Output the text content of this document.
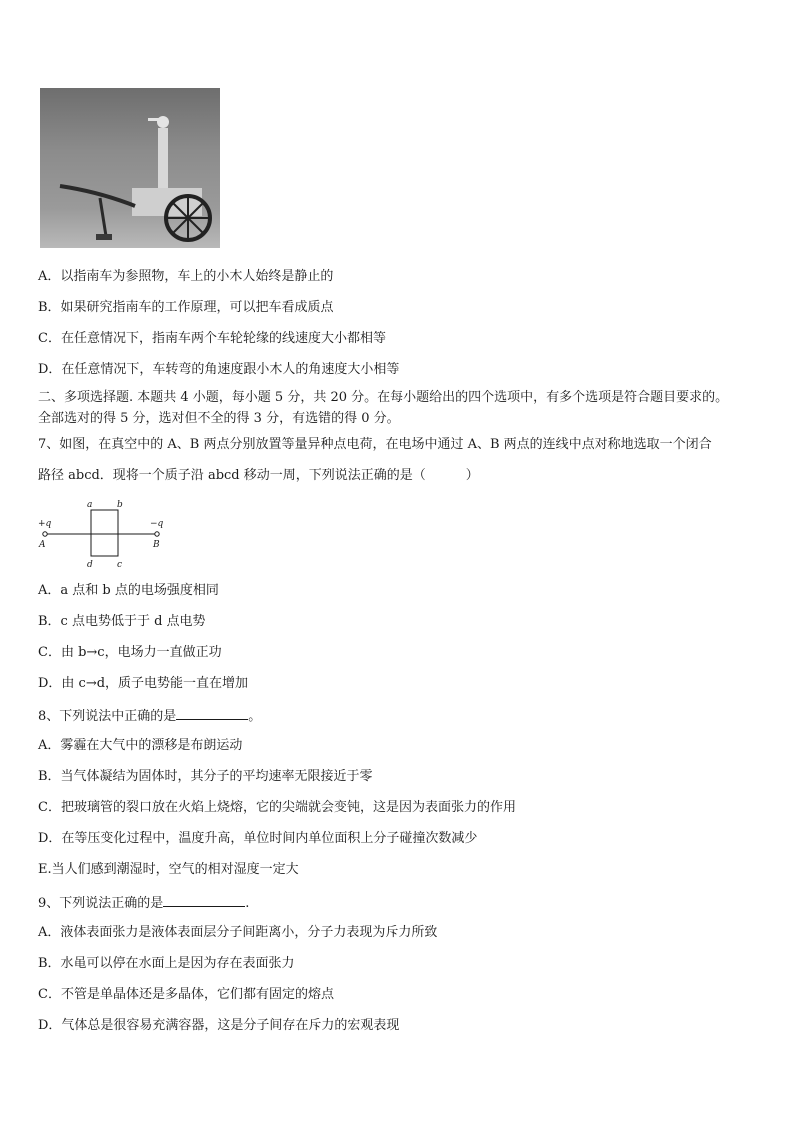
A．以指南车为参照物，车上的小木人始终是静止的
B．如果研究指南车的工作原理，可以把车看成质点
C．在任意情况下，指南车两个车轮轮缘的线速度大小都相等
D．在任意情况下，车转弯的角速度跟小木人的角速度大小相等
二、多项选择题. 本题共 4 小题，每小题 5 分，共 20 分。在每小题给出的四个选项中，有多个选项是符合题目要求的。
全部选对的得 5 分，选对但不全的得 3 分，有选错的得 0 分。
7、如图，在真空中的 A、B 两点分别放置等量异种点电荷，在电场中通过 A、B 两点的连线中点对称地选取一个闭合
路径 abcd．现将一个质子沿 abcd 移动一周，下列说法正确的是（	）
+q
A
−q
B
a	b
d	c
A．a 点和 b 点的电场强度相同
B．c 点电势低于于 d 点电势
C．由 b→c，电场力一直做正功
D．由 c→d，质子电势能一直在增加
8、下列说法中正确的是	。
A．雾霾在大气中的漂移是布朗运动
B．当气体凝结为固体时，其分子的平均速率无限接近于零
C．把玻璃管的裂口放在火焰上烧熔，它的尖端就会变钝，这是因为表面张力的作用
D．在等压变化过程中，温度升高，单位时间内单位面积上分子碰撞次数减少
E.当人们感到潮湿时，空气的相对湿度一定大
9、下列说法正确的是	.
A．液体表面张力是液体表面层分子间距离小，分子力表现为斥力所致
B．水黾可以停在水面上是因为存在表面张力
C．不管是单晶体还是多晶体，它们都有固定的熔点
D．气体总是很容易充满容器，这是分子间存在斥力的宏观表现
